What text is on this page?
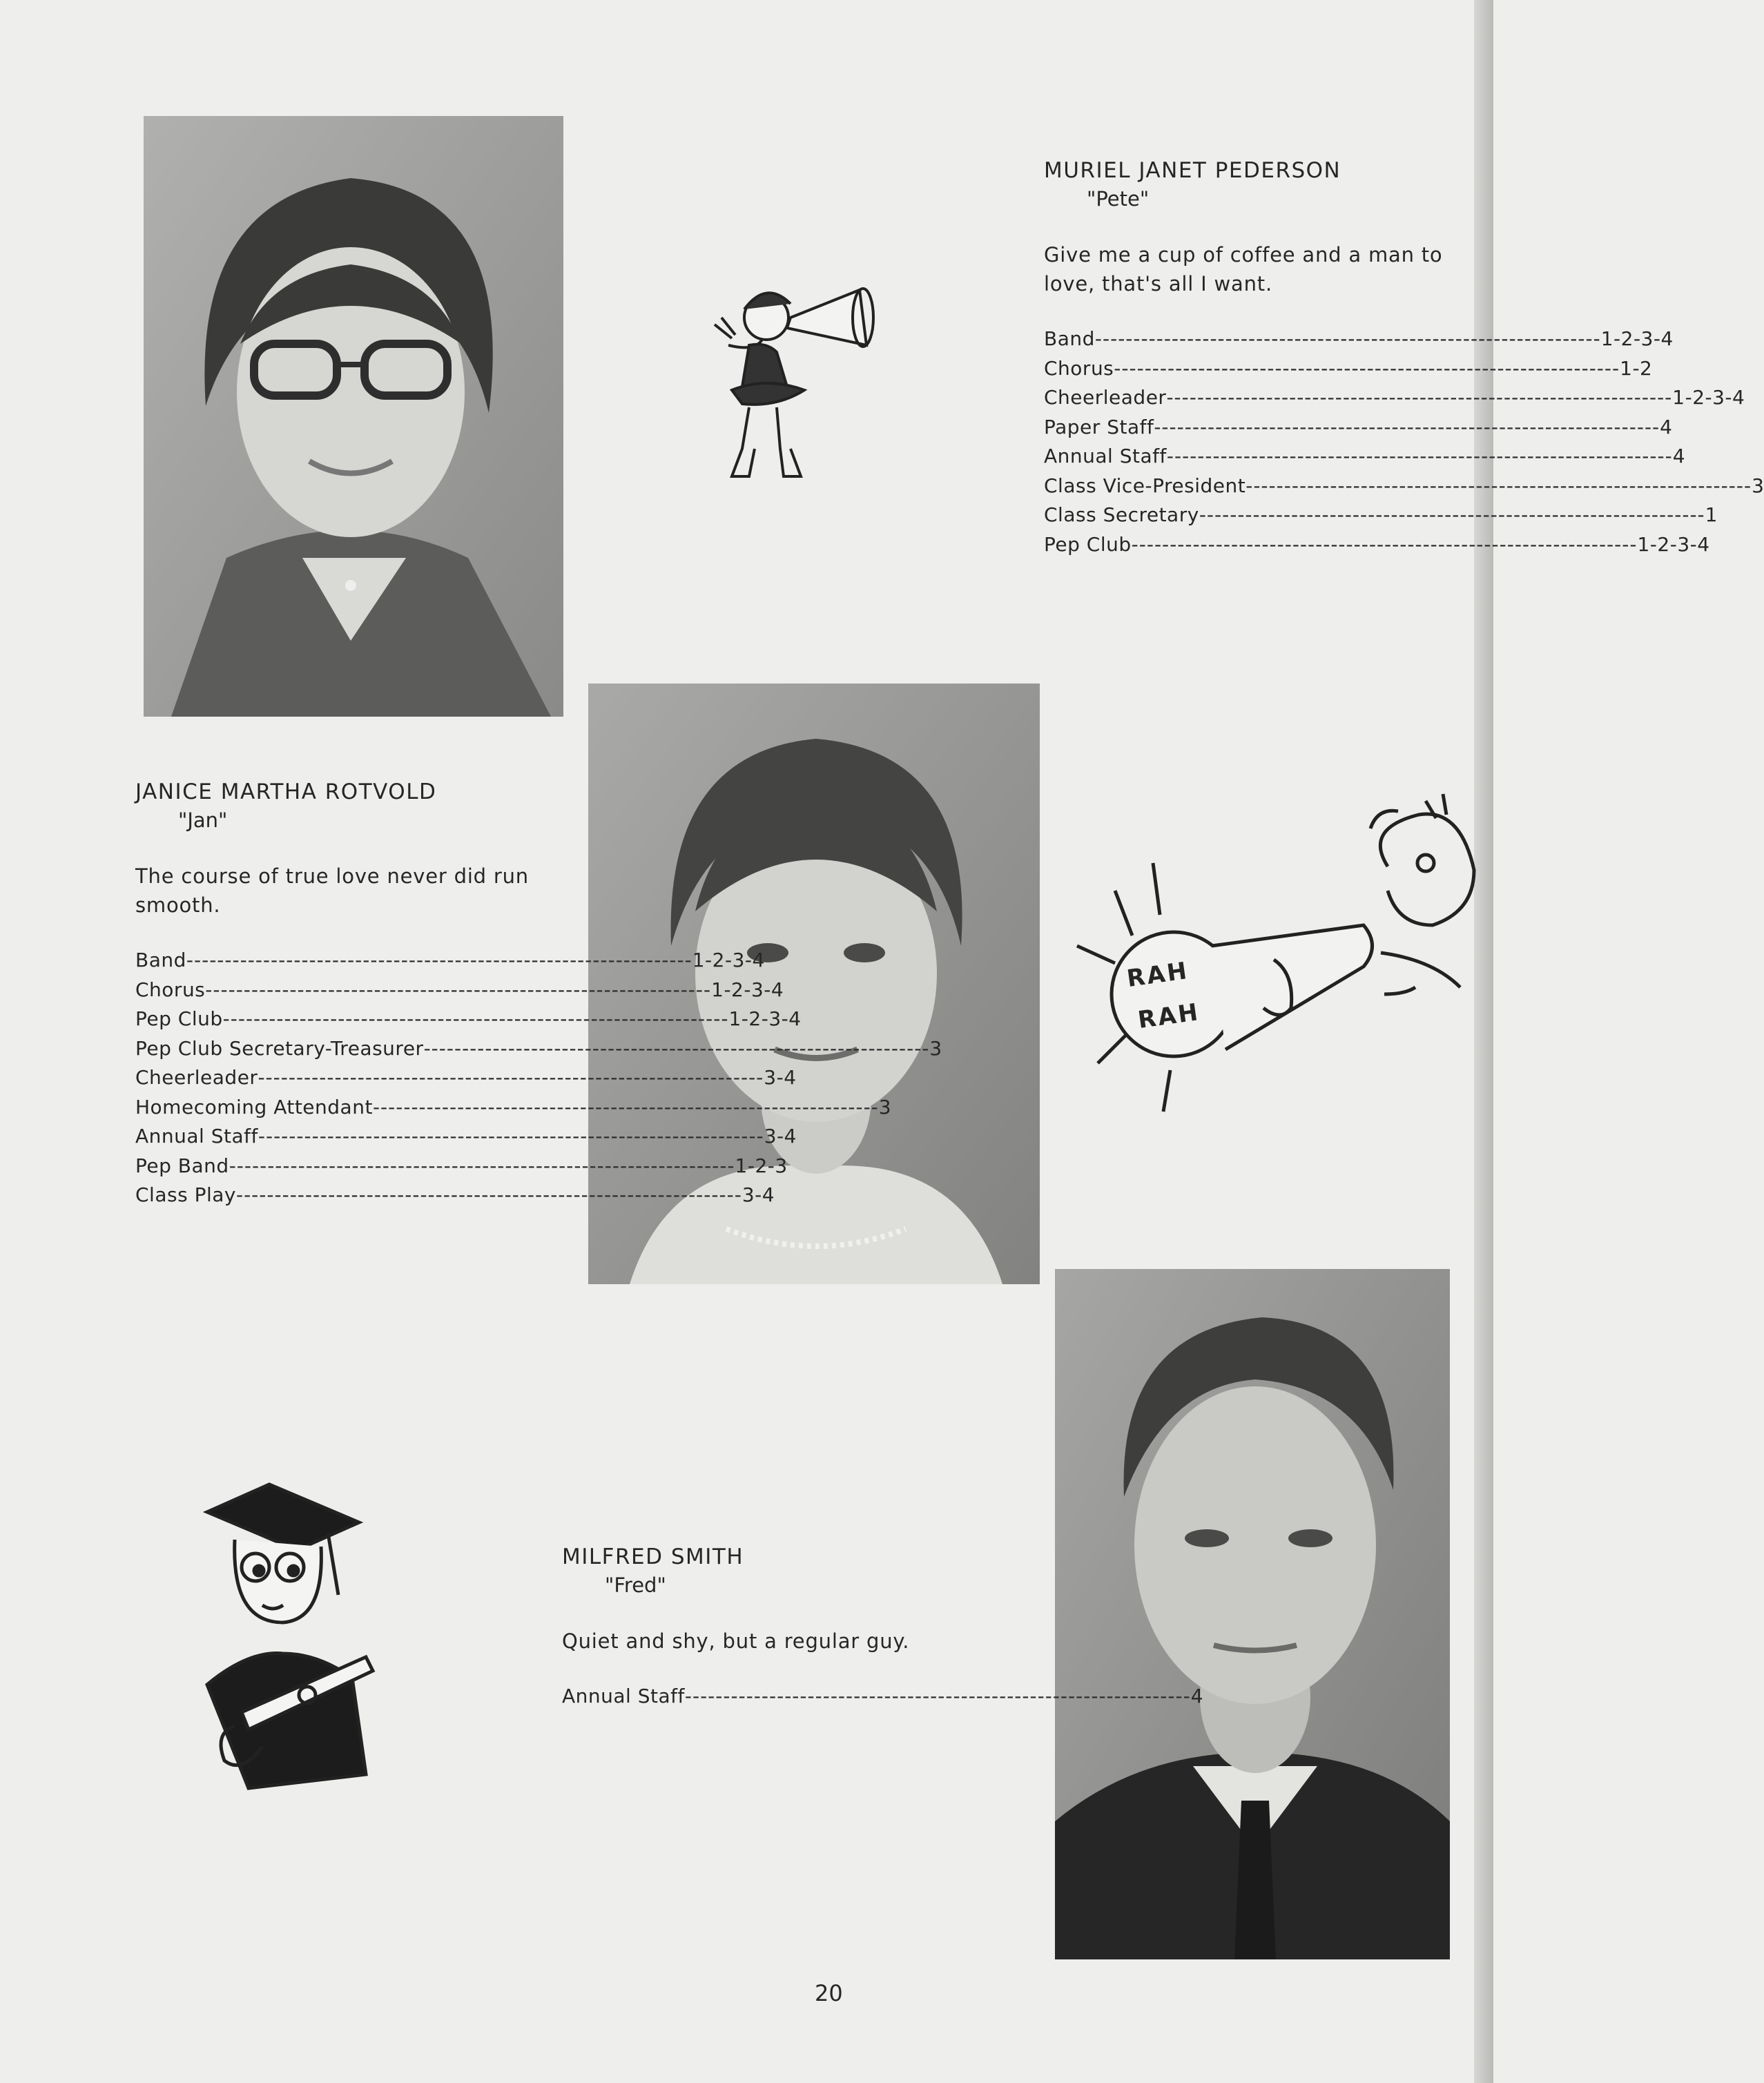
RAH
RAH
MURIEL JANET PEDERSON
"Pete"
Give me a cup of coffee and a man to love, that's all I want.
Band ------------------------------------------------------------------ 1-2-3-4
Chorus ------------------------------------------------------------------ 1-2
Cheerleader ------------------------------------------------------------------ 1-2-3-4
Paper Staff ------------------------------------------------------------------ 4
Annual Staff ------------------------------------------------------------------ 4
Class Vice-President ------------------------------------------------------------------ 3
Class Secretary ------------------------------------------------------------------ 1
Pep Club ------------------------------------------------------------------ 1-2-3-4
JANICE MARTHA ROTVOLD
"Jan"
The course of true love never did run smooth.
Band ------------------------------------------------------------------ 1-2-3-4
Chorus ------------------------------------------------------------------ 1-2-3-4
Pep Club ------------------------------------------------------------------ 1-2-3-4
Pep Club Secretary-Treasurer ------------------------------------------------------------------ 3
Cheerleader ------------------------------------------------------------------ 3-4
Homecoming Attendant ------------------------------------------------------------------ 3
Annual Staff ------------------------------------------------------------------ 3-4
Pep Band ------------------------------------------------------------------ 1-2-3
Class Play ------------------------------------------------------------------ 3-4
MILFRED SMITH
"Fred"
Quiet and shy, but a regular guy.
Annual Staff ------------------------------------------------------------------ 4
20
